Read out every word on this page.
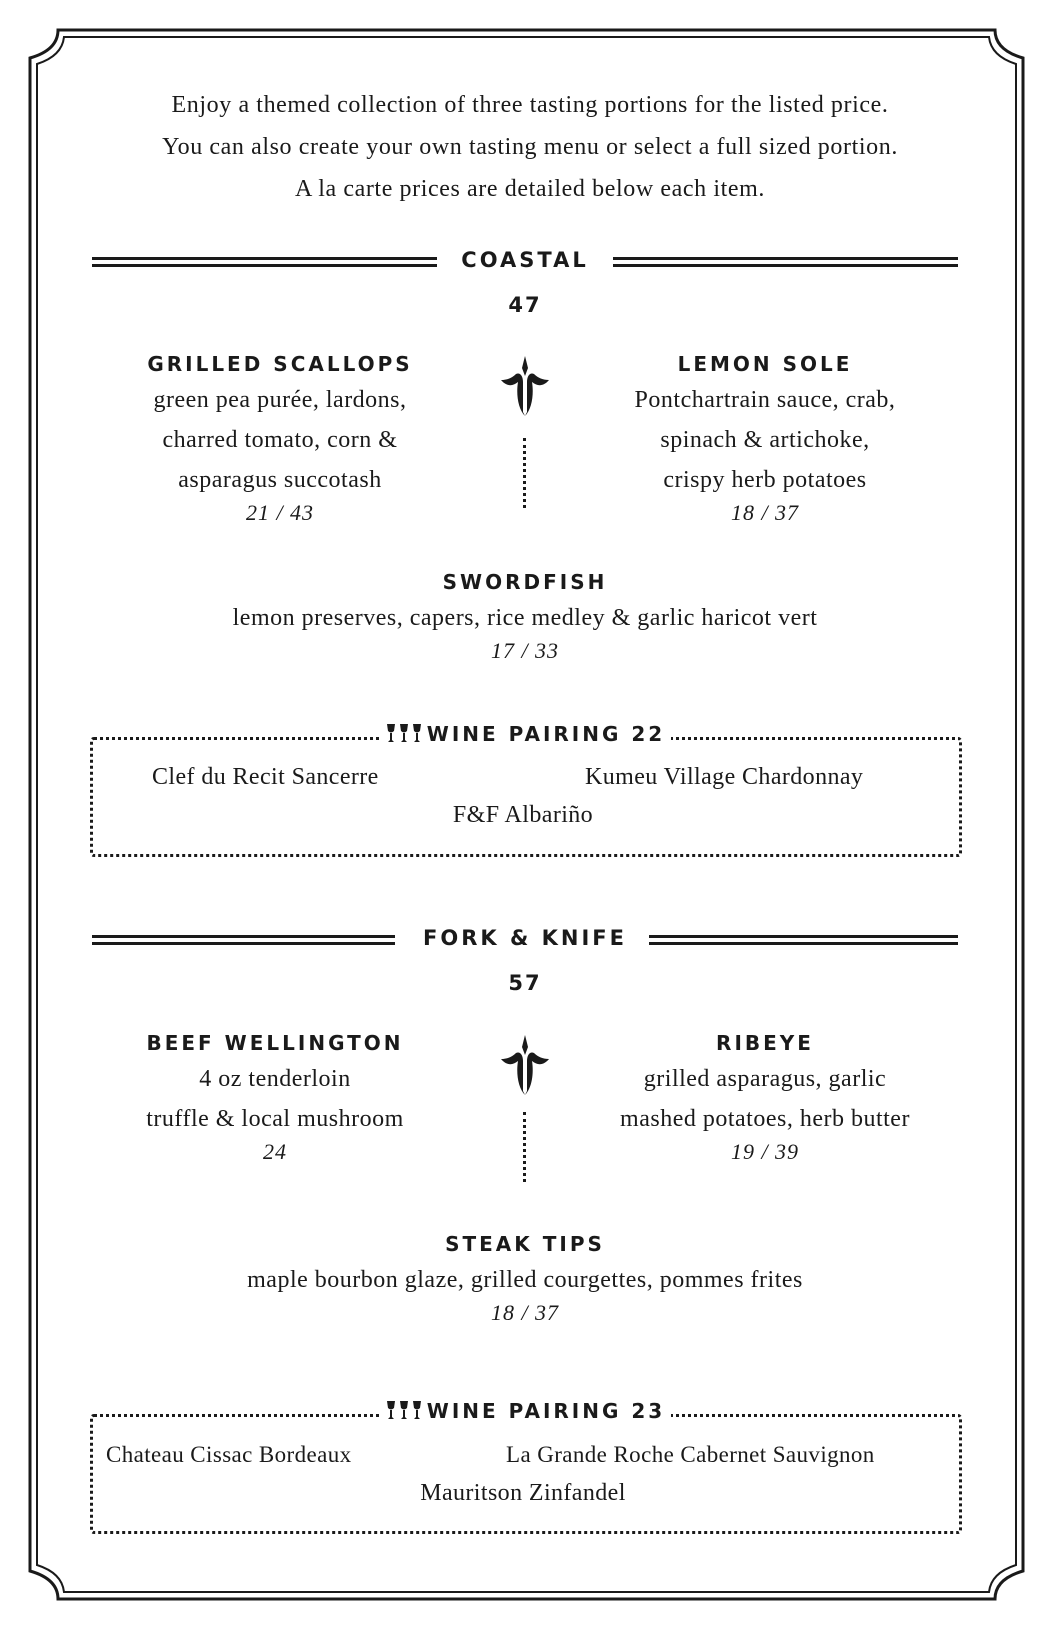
Enjoy a themed collection of three tasting portions for the listed price.
You can also create your own tasting menu or select a full sized portion.
A la carte prices are detailed below each item.
COASTAL
47
GRILLED SCALLOPS
green pea purée, lardons,
charred tomato, corn &
asparagus succotash
21 / 43
LEMON SOLE
Pontchartrain sauce, crab,
spinach & artichoke,
crispy herb potatoes
18 / 37
SWORDFISH
lemon preserves, capers, rice medley & garlic haricot vert
17 / 33
WINE PAIRING 22
Clef du Recit Sancerre	Kumeu Village Chardonnay
F&F Albariño
FORK & KNIFE
57
BEEF WELLINGTON
4 oz tenderloin
truffle & local mushroom
24
RIBEYE
grilled asparagus, garlic
mashed potatoes, herb butter
19 / 39
STEAK TIPS
maple bourbon glaze, grilled courgettes, pommes frites
18 / 37
WINE PAIRING 23
Chateau Cissac Bordeaux	La Grande Roche Cabernet Sauvignon
Mauritson Zinfandel
